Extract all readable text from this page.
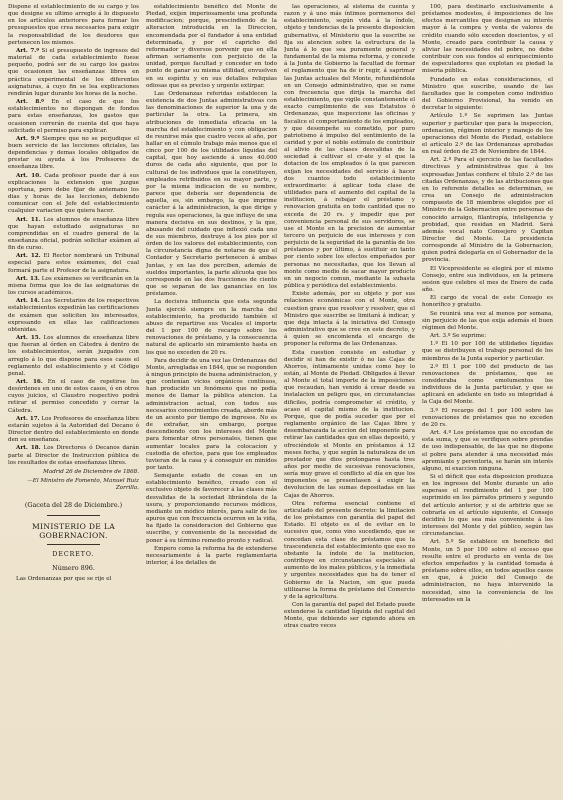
Dispone el establecimiento de su cargo y los que designe su ultimo arreglo á lo dispuesto en los artículos anteriores para formar los presupuestos que crea necesarios para exigir la responsabilidad de los deudores que pertenecen los mismos.

Art. 7.º Si el presupuesto de ingresos del material de cada establecimiento fuese pequeño, podrá ser de su cargo los gastos que ocasionen las enseñanzas libres en práctica experimental de los diferentes asignaturas, á cuyo fin se lea explicaciones rendirán lugar durante los horas de la noche.

Art. 8.º En el caso de que los establecimientos no dispongan de fondos para estas enseñanzas, los gastos que ocasionen correrán de cuenta del que haya solicitado el permiso para explicar.

Art. 9.º Siempre que no se perjudique el buen servicio de las lecciones oficiales, las dependencias y demas locales obligados de prestar su ayuda á los Profesores de enseñanza libre.

Art. 10. Cada profesor puede dar á sus explicaciones la extension que juzgue oportuna, pero debe fijar de antemano los dias y horas de las lecciones, debiendo comunicar con el Jefe del establecimiento cualquier variacion que quiera hacer.

Art. 11. Los alumnos de enseñanza libre que hayan estudiado asignaturas no comprendidas en el cuadro general de la enseñanza oficial, podrán solicitar exámen al fin de curso.

Art. 12. El Rector nombrará un Tribunal especial para estos exámenes, del cual formará parte el Profesor de la asignatura.

Art. 13. Los exámenes se verificarán en la misma forma que los de las asignaturas de los cursos académicos.

Art. 14. Los Secretarios de los respectivos establecimientos expedirán las certificaciones de exámen que soliciten los interesados, expresando en ellas las calificaciones obtenidas.

Art. 15. Los alumnos de enseñanza libre que fueran al órden en Cátedra á dentro de los establecimientos, serán juzgados con arreglo á lo que dispone para esos casos el reglamento del establecimiento y el Código penal.

Art. 16. En el caso de repetirse los desórdenes en uno de estos casos, ó en otros cuyos juicios, el Claustro respectivo podrá retirar el permiso concedido y cerrar la Cátedra.

Art. 17. Los Profesores de enseñanza libre estarán sujetos á la Autoridad del Decano ó Director dentro del establecimiento en donde den su enseñanza.

Art. 18. Los Directores ó Decanos darán parte al Director de Instruccion pública de los resultados de estas enseñanzas libres.

Madrid 26 de Diciembre de 1868.

—El Ministro de Fomento, Manuel Ruiz Zorrilla.

(Gaceta del 28 de Diciembre.)

MINISTERIO DE LA GOBERNACION.

DECRETO.

Número 896.

Las Ordenanzas por que se rije el

establecimiento benéfico del Monte de Piedad, exijen imperiosamente una profunda modificacion; porque, prescindiendo de la alteracion introducida en la Direccion, encomendada por el fundador á una entidad determinada, y por el capricho del reformador y diversos porvenir que en ella afirman seriamente con perjuicio de la unidad, porque facultad y conceder en todo punto de ganar su misma utilidad, envuelven en su espíritu y en sus detalles reliquias odiosas que es preciso y urgente extirpar.

Las Ordenanzas referidas establecen la existencia de dos Juntas administrativas con las denominaciones de superior la una y de particular la otra. La primera, sin atribuciones de inmediata eficacia en la marcha del establecimiento y con obligacion de reunirse más que cuatro veces al año, por hallar en el cúmulo trabajo más menos que el cinco por 100 de los utilidades líquidas del capital, que hoy asciende á unos 40.000 duros de cada año siguiente, que por lo cultural de los individuos que la constituyen, empleados retribuidos en su mayor parte, y por la misma indicacion de su nombre, parece que debería ser dependencia de aquella, es, sin embargo, la que imprime carácter á la administracion, la que dirige y regula sus operaciones, la que influye de una manera decisiva en sus destinos, y la que, abusando del cuidado que inflexió cada uno de sus miembros, destruye á los pies por el órden de los valores del establecimiento, con la circunstancia digna de notarse de que el Contador y Secretario pertenecen á ambas Juntas, y en las dos perciben, además de sueldos importantes, la parte alícuota que les corresponde en las dos fracciones de ciento que se separan de las ganancias en los préstamos.

La decisiva influencia que esta segunda Junta ejerció siempre en la marcha del establecimiento, ha producido también el abuso de repartirse sus Vocales el importe del 1 por 100 de recargo sobre los renovaciones de préstamo, y la consecuencia natural de aplicarlo sin miramiento hasta en los que no exceden de 20 rs.

Para decidir de una vez las Ordenanzas del Monte, arregladas en 1844, que se responden á ningun principio de buena administracion, y que contenían vicios orgánicos contínuos, han producido un fenómeno que no podía menos de llamar la pública atencion. La administracion actual, con todos sus necesarios conocimientos creada, aborde más de un acento por tiempo de ingresos. No es de extrañar, sin embargo, porque descendiendo con los intereses del Monte para fomentar otros personales, tienen que aumentar locales para la colocacion y custodia de efectos, para que los empleados tuvieran de la casa y á conseguir en minidos por tanto.

Semejante estado de cosas en un establecimiento benéfico, creado con el exclusivo objeto de favorecer á las clases más desvalidas de la sociedad librándola de la usura, y proporcionando recursos módicos, mediante un módico interés, para salir de los apuros que con frecuencia ocurren en la vida, ha fijado la consideracion del Gobierno que suscribe, y conveniente de la necesidad de poner á su término remedio pronto y radical.

Empero como la reforma ha de extenderse necesariamente á la parte reglamentaria interior, á los detalles de

las operaciones, al sistema de cuenta y razon y á uno más íntimos pormenores del establecimiento, según vida á la índole, objeto y tendencias de la presente disposicion gubernativa, el Ministerio que la suscribe se fija su atencion sobre la estructura de la Junta á lo que sea puramente general y fundamental de la misma reforma, y concede á la Junta de Gobierno la facultad de formar el reglamento que ha de ir regir, á saprimar las Juntas actuales del Monte, refundiéndola en un Consejo administrativo, que se rame con frecuencia que dirija la marcha del establecimiento, que vigile constantemente el exacto cumplimiento de sus Estatutos ó Ordenanzas, que inspeccione las oficinas y fiscalice el comportamiento de los empleados, y que desempeñe su cometido, por puro patriotismo á impulso del sentimiento de la caridad y por el noble estímulo de contribuir al alivio de las clases desvalidas de la sociedad á cultivar el cr-ate y el que la dotacion de los empleados ó la que parecen exijan los necesidades del servicio á hacer dos cuantos todo establecimiento extraordinario: á aplicar toda clase de utilidades para el aumento del capital de la institucion, á rebajar el préstamo y renovacion gratuita en todo cantidad que no exceda de 20 rs. y impedir que por conveniencia personal de sus servidores, se use el Monte en la precision de aumentar tercero un perjuicio de sus intereses y con perjuicio de la seguridad de la garantía de los préstamos y por último, á sustituir en tanto por ciento sobre los efectos empeñados por personas no necesitadas, que los llevan al monte como medio de sacar mayor producto en un negocio comun, mediante la subasta pública y periódica del establecimiento.

Existe además, por su objeto y por sus relaciones económicas con el Monte, otra cuestion grave que resolver y resolver, que el Ministro que suscribe se limitará á indicar, y que deja intacta á la iniciativa del Consejo administrativo que se cree en este decreto, y á quien se encomienda el encargo de proponer la reforma de las Ordenanzas.

Esta cuestion consiste en estudiar y decidir si han de existir ó no las Cajas de Ahorros, íntimamente unidas como hoy lo están, al Monte de Piedad. Obligados á llevar al Monte el total importe de la imposiciones que recaudan, han venido á crear desde su instalacion un peligro que, en circunstancias dificiles, podría comprometer el crédito, y acaso el capital mismo de la institucion. Porque, que de podía suceder que por el reglamento orgánico de las Cajas libre y desembarazada la accion del imponente para retirar las cantidades que en ellas depositó, y ofreciéndole el Monte en préstamos á 12 meses fecha, y que según la naturaleza de un prestador que dios prolongarse hasta tres años por medio de sucesivas renovaciones, sería muy grave el conflicto al día en que los imponentes se presentasen á exigir la devolucion de las sumas depositadas en las Cajas de Ahorros.

Otra reforma esencial contiene el articulado del presente decreto: la limitacion de los préstamos con garantía del papel del Estado. El objeto es el de evitar en lo sucesivo que, como vino sucediendo, que se concedan esta clase de préstamos que la trascendencia del establecimiento que eso no obstante la índole de la institucion, contribuye en circunstancias especiales al aumento de los males públicos, y la inmediata y urgentes necesidades que ha de tener el Gobierno de la Nacion, sin que pueda utilizarse la forma de préstamo del Comercio y de la agricultura.

Con la garantía del papel del Estado puede extenderse la cantidad líquida del capital del Monte, que debiendo ser rigiendo ahora en otras cuatro veces

100, para destinarlo exclusivamente á préstamos modestos, é imposiciones de los efectos mercantiles que designan su interés mayor á la compra y venta de valores de crédito cuando sólo exceden doscientos, y el Monte, creado para contribuir la causa y aliviar las necesidades del pobre, no debe contribuir con sus fondos al enriquecimiento de especuladores que explotan su piedad la miseria pública.

Fundado en estas consideraciones, el Ministro que suscribe, usando de las facultades que le competen como individuo del Gobierno Provisional, ha venido en decretar lo siguiente:

Artículo 1.º Se suprimen las Juntas superior y particular que para la inspeccion, ordenacion, régimen interior y manejo de los operaciones del Monte de Piedad, establece el artículo 2.º de las Ordenanzas aprobadas en real órden de 25 de Noviembre de 1844.

Art. 2.º Para el ejercicio de las facultades directivas y administrativas que á los expresadas Juntas confiere el título 2.º de las citadas Ordenanzas, y de las atribuciones que en lo referente detalles se determinan, se crea un Consejo de administracion compuesto de 18 miembros elegidos por el Ministro de la Gobernacion entre personas de conocido arraigo, filantropía, inteligencia y probidad, que residan en Madrid. Será además vocal nato Consejero y Capitan Director del Monte. La presidencia corresponde al Ministro de la Gobernacion, quien podrá delegarla en el Gobernador de la provincia.

El Vicepresidente se elegirá por el mismo Consejo, entre sus individuos, en la primera sesion que celebre el mes de Enero de cada año.

El cargo de vocal de este Consejo es honorífico y gratuito.

Se reunirá una vez al menos por semana, sin perjuicio de las que exija además el buen régimen del Monte.

Art. 3.º Se suprime:

1.º El 10 por 100 de utilidades líquidas que se distribuyen el trabajo personal de los miembros de la Junta superior y particular.

2.º El 1 por 100 del producto de las renovaciones de préstamos, que se consideraba como emolumentos los individuos de la Junta particular, y que se aplicará en adelante en todo su integridad á la Caja del Monte.

3.º El recargo del 1 por 100 sobre las renovaciones de préstamos que no exceden de 20 rs.

Art. 4.º Los préstamos que no excedan de esta suma, y que se verifiquen sobre prendas de uso indispensable, de las que no dispone el pobre para atender á una necesidad más apremiante y perentoria, se harán sin interés alguno, ni exaccion ninguna.

Si el déficit que esta disposicion produzca en los ingresos del Monte durante un año superase el rendimiento del 1 por 100 suprimido en los párrafos primero y segundo del artículo anterior, y si de arbitrio que se cobrarla en el artículo siguiente, el Consejo decidirá lo que sea más conveniente á los intereses del Monte y del público, según las circunstancias.

Art. 5.º Se establece en beneficio del Monte, un 5 por 100 sobre el exceso que resulte entre el producto en venta de los efectos empeñados y la cantidad tomada á préstamo sobre ellos, en todos aquellos casos en que, á juicio del Consejo de administracion, no haya intervenido la necesidad, sino la conveniencia de los interesados en la
